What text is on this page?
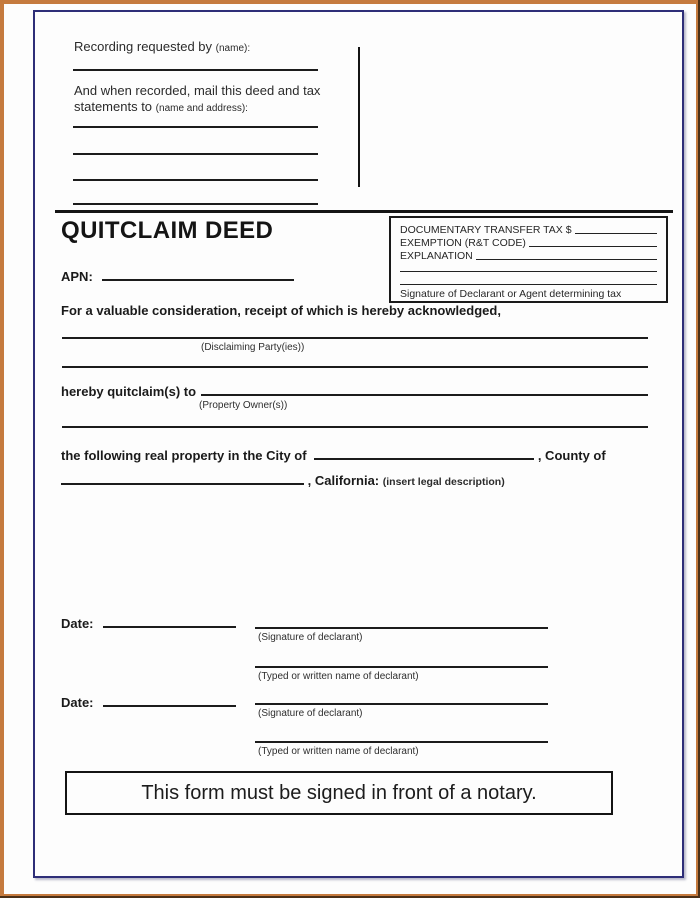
Recording requested by (name):
And when recorded, mail this deed and tax
statements to (name and address):
QUITCLAIM DEED	DOCUMENTARY TRANSFER TAX $
EXEMPTION (R&T CODE)
EXPLANATION
Signature of Declarant or Agent determining tax
APN:
For a valuable consideration, receipt of which is hereby acknowledged,
(Disclaiming Party(ies))
hereby quitclaim(s) to
(Property Owner(s))
the following real property in the City of	, County of
, California: (insert legal description)
Date:
(Signature of declarant)
(Typed or written name of declarant)
Date:
(Signature of declarant)
(Typed or written name of declarant)
This form must be signed in front of a notary.
